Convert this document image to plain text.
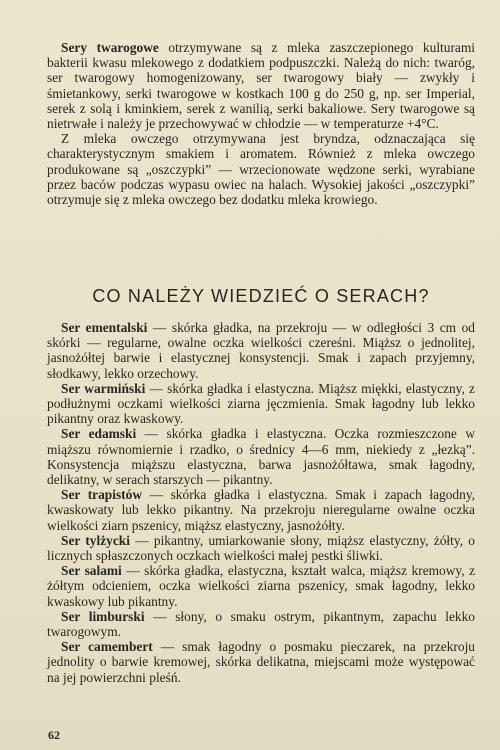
Sery twarogowe otrzymywane są z mleka zaszczepionego kulturami bakterii kwasu mlekowego z dodatkiem podpuszczki. Należą do nich: twaróg, ser twarogowy homogenizowany, ser twarogowy biały — zwykły i śmietankowy, serki twarogowe w kostkach 100 g do 250 g, np. ser Imperial, serek z solą i kminkiem, serek z wanilią, serki bakaliowe. Sery twarogowe są nietrwałe i należy je przechowywać w chłodzie — w temperaturze +4°C.

Z mleka owczego otrzymywana jest bryndza, odznaczająca się charakterystycznym smakiem i aromatem. Również z mleka owczego produkowane są „oszczypki” — wrzecionowate wędzone serki, wyrabiane przez baców podczas wypasu owiec na halach. Wysokiej jakości „oszczypki” otrzymuje się z mleka owczego bez dodatku mleka krowiego.

CO NALEŻY WIEDZIEĆ O SERACH?

Ser ementalski — skórka gładka, na przekroju — w odległości 3 cm od skórki — regularne, owalne oczka wielkości czereśni. Miąższ o jednolitej, jasnożółtej barwie i elastycznej konsystencji. Smak i zapach przyjemny, słodkawy, lekko orzechowy.

Ser warmiński — skórka gładka i elastyczna. Miąższ miękki, elastyczny, z podłużnymi oczkami wielkości ziarna jęczmienia. Smak łagodny lub lekko pikantny oraz kwaskowy.

Ser edamski — skórka gładka i elastyczna. Oczka rozmieszczone w miąższu równomiernie i rzadko, o średnicy 4—6 mm, niekiedy z „łezką”. Konsystencja miąższu elastyczna, barwa jasnożółtawa, smak łagodny, delikatny, w serach starszych — pikantny.

Ser trapistów — skórka gładka i elastyczna. Smak i zapach łagodny, kwaskowaty lub lekko pikantny. Na przekroju nieregularne owalne oczka wielkości ziarn pszenicy, miąższ elastyczny, jasnożółty.

Ser tylżycki — pikantny, umiarkowanie słony, miąższ elastyczny, żółty, o licznych spłaszczonych oczkach wielkości małej pestki śliwki.

Ser salami — skórka gładka, elastyczna, kształt walca, miąższ kremowy, z żółtym odcieniem, oczka wielkości ziarna pszenicy, smak łagodny, lekko kwaskowy lub pikantny.

Ser limburski — słony, o smaku ostrym, pikantnym, zapachu lekko twarogowym.

Ser camembert — smak łagodny o posmaku pieczarek, na przekroju jednolity o barwie kremowej, skórka delikatna, miejscami może występować na jej powierzchni pleśń.

62
